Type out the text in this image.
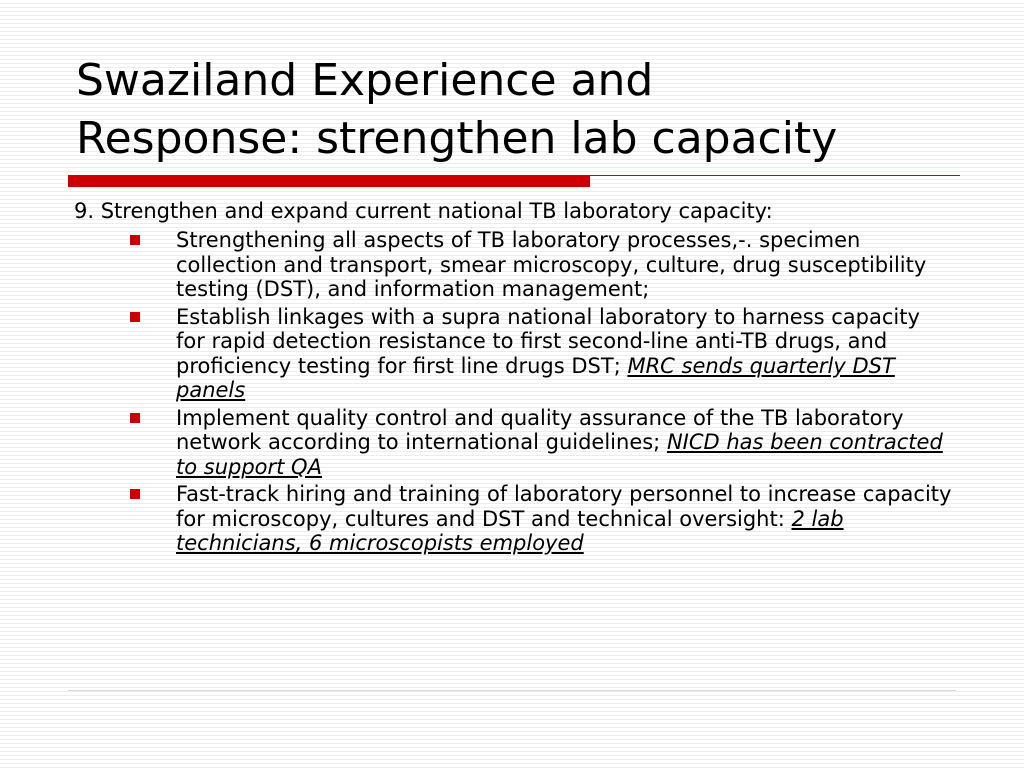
Swaziland Experience and
Response: strengthen lab capacity

9. Strengthen and expand current national TB laboratory capacity:

Strengthening all aspects of TB laboratory processes,-. specimen collection and transport, smear microscopy, culture, drug susceptibility testing (DST), and information management;
Establish linkages with a supra national laboratory to harness capacity for rapid detection resistance to first second-line anti-TB drugs, and proficiency testing for first line drugs DST; MRC sends quarterly DST panels
Implement quality control and quality assurance of the TB laboratory network according to international guidelines; NICD has been contracted to support QA
Fast-track hiring and training of laboratory personnel to increase capacity for microscopy, cultures and DST and technical oversight: 2 lab technicians, 6 microscopists employed
